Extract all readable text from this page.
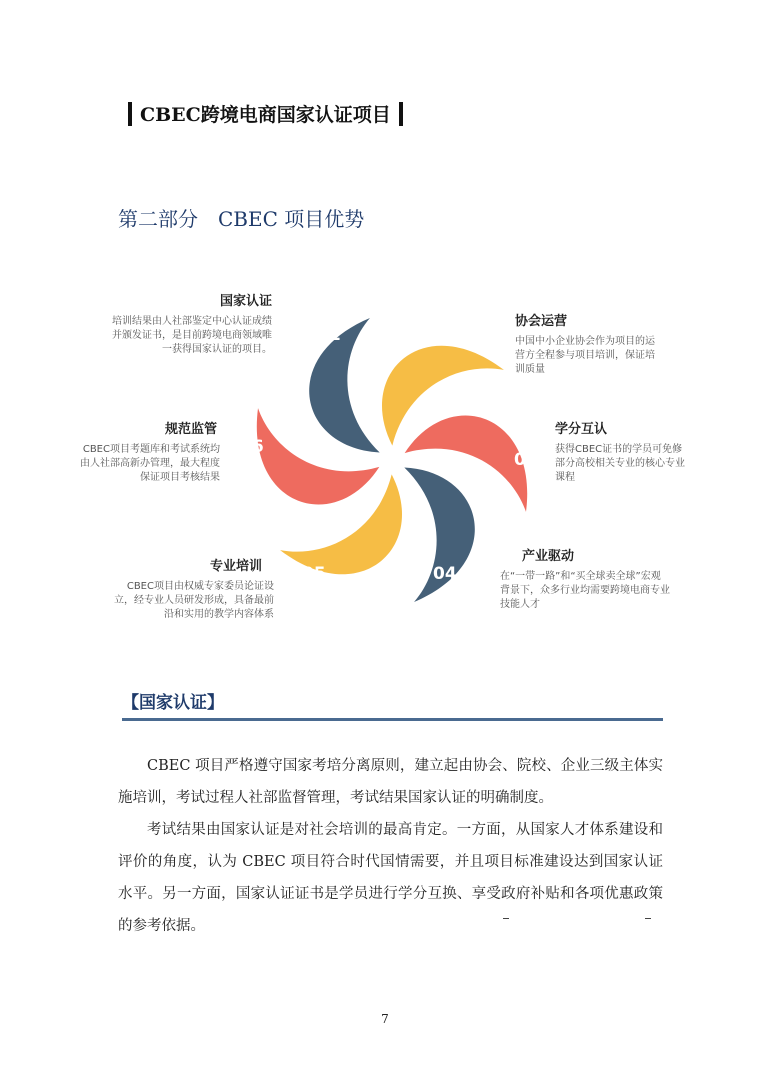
CBEC跨境电商国家认证项目
第二部分　CBEC 项目优势
01	02
03
04
05
06
国家认证
培训结果由人社部鉴定中心认证成绩并颁发证书，是目前跨境电商领域唯一获得国家认证的项目。
协会运营
中国中小企业协会作为项目的运营方全程参与项目培训，保证培训质量
学分互认
获得CBEC证书的学员可免修部分高校相关专业的核心专业课程
产业驱动
在“一带一路”和“买全球卖全球”宏观背景下，众多行业均需要跨境电商专业技能人才
专业培训
CBEC项目由权威专家委员论证设立，经专业人员研发形成，具备最前沿和实用的教学内容体系
规范监管
CBEC项目考题库和考试系统均由人社部高新办管理，最大程度保证项目考核结果
【国家认证】

CBEC 项目严格遵守国家考培分离原则，建立起由协会、院校、企业三级主体实施培训，考试过程人社部监督管理，考试结果国家认证的明确制度。

考试结果由国家认证是对社会培训的最高肯定。一方面，从国家人才体系建设和评价的角度，认为 CBEC 项目符合时代国情需要，并且项目标准建设达到国家认证水平。另一方面，国家认证证书是学员进行学分互换、享受政府补贴和各项优惠政策的参考依据。

7
